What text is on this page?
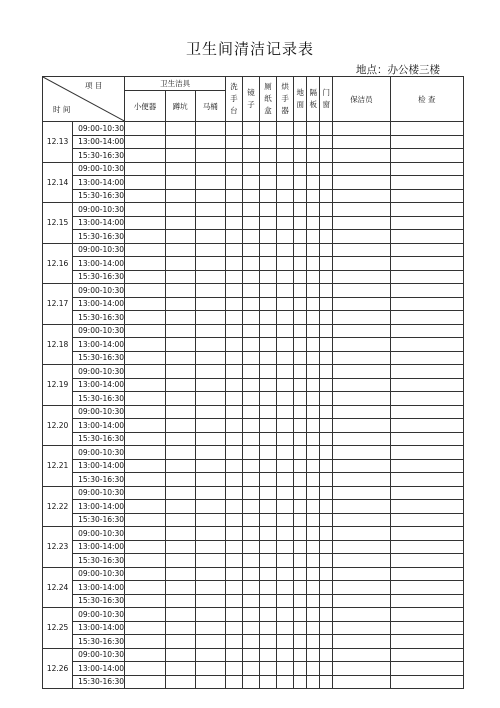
卫生间清洁记录表
地点：办公楼三楼
项 目
时 间		卫生洁具			洗手台	镜子	厕纸盒	烘手器	地面	隔板	门窗	保洁员	检 查
		小便器	蹲坑	马桶									
12.13	09:00-10:30												
	13:00-14:00												
	15:30-16:30												
12.14	09:00-10:30												
	13:00-14:00												
	15:30-16:30												
12.15	09:00-10:30												
	13:00-14:00												
	15:30-16:30												
12.16	09:00-10:30												
	13:00-14:00												
	15:30-16:30												
12.17	09:00-10:30												
	13:00-14:00												
	15:30-16:30												
12.18	09:00-10:30												
	13:00-14:00												
	15:30-16:30												
12.19	09:00-10:30												
	13:00-14:00												
	15:30-16:30												
12.20	09:00-10:30												
	13:00-14:00												
	15:30-16:30												
12.21	09:00-10:30												
	13:00-14:00												
	15:30-16:30												
12.22	09:00-10:30												
	13:00-14:00												
	15:30-16:30												
12.23	09:00-10:30												
	13:00-14:00												
	15:30-16:30												
12.24	09:00-10:30												
	13:00-14:00												
	15:30-16:30												
12.25	09:00-10:30												
	13:00-14:00												
	15:30-16:30												
12.26	09:00-10:30												
	13:00-14:00												
	15:30-16:30												
